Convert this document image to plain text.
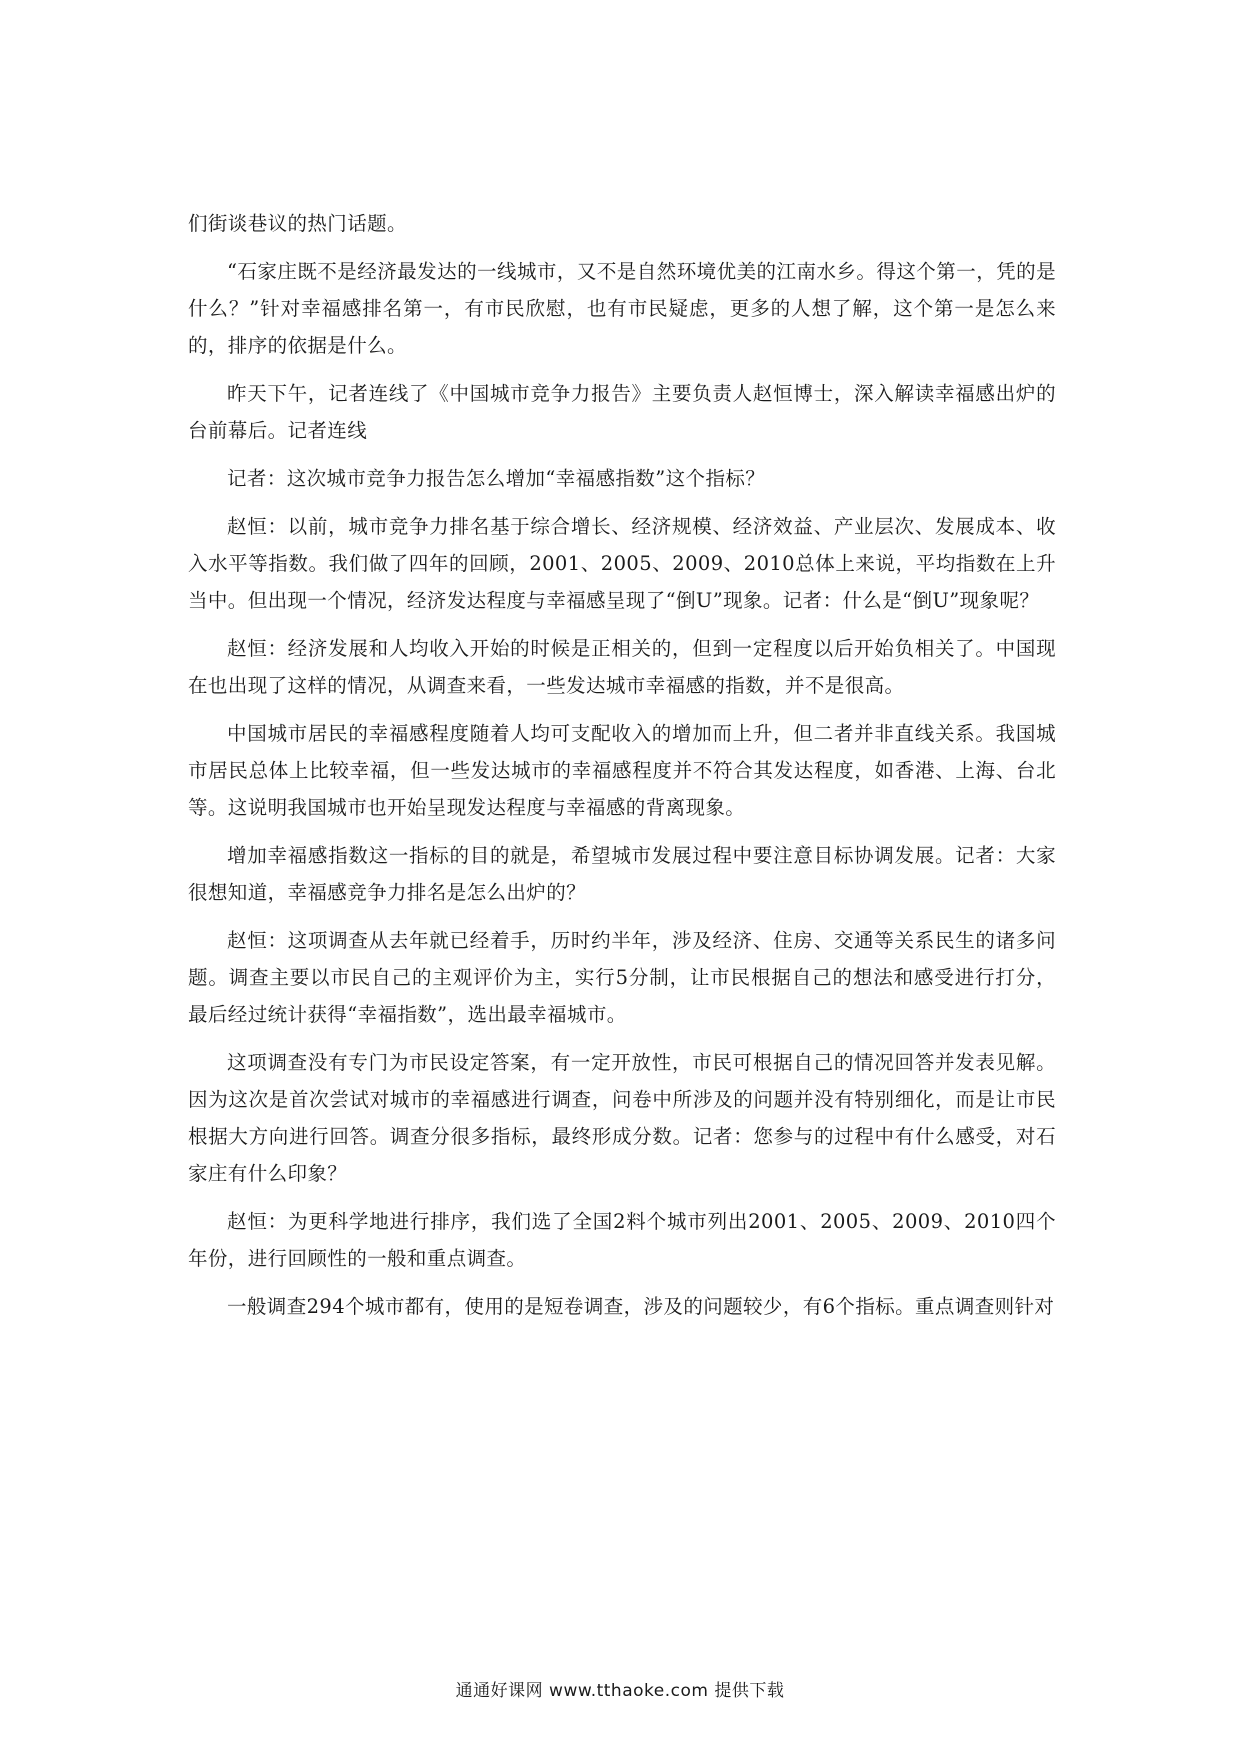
们街谈巷议的热门话题。

“石家庄既不是经济最发达的一线城市，又不是自然环境优美的江南水乡。得这个第一，凭的是什么？”针对幸福感排名第一，有市民欣慰，也有市民疑虑，更多的人想了解，这个第一是怎么来的，排序的依据是什么。

昨天下午，记者连线了《中国城市竞争力报告》主要负责人赵恒博士，深入解读幸福感出炉的台前幕后。记者连线

记者：这次城市竞争力报告怎么增加“幸福感指数”这个指标？

赵恒：以前，城市竞争力排名基于综合增长、经济规模、经济效益、产业层次、发展成本、收入水平等指数。我们做了四年的回顾，2001、2005、2009、2010总体上来说，平均指数在上升当中。但出现一个情况，经济发达程度与幸福感呈现了“倒U”现象。记者：什么是“倒U”现象呢？

赵恒：经济发展和人均收入开始的时候是正相关的，但到一定程度以后开始负相关了。中国现在也出现了这样的情况，从调查来看，一些发达城市幸福感的指数，并不是很高。

中国城市居民的幸福感程度随着人均可支配收入的增加而上升，但二者并非直线关系。我国城市居民总体上比较幸福，但一些发达城市的幸福感程度并不符合其发达程度，如香港、上海、台北等。这说明我国城市也开始呈现发达程度与幸福感的背离现象。

增加幸福感指数这一指标的目的就是，希望城市发展过程中要注意目标协调发展。记者：大家很想知道，幸福感竞争力排名是怎么出炉的？

赵恒：这项调查从去年就已经着手，历时约半年，涉及经济、住房、交通等关系民生的诸多问题。调查主要以市民自己的主观评价为主，实行5分制，让市民根据自己的想法和感受进行打分，最后经过统计获得“幸福指数”，选出最幸福城市。

这项调查没有专门为市民设定答案，有一定开放性，市民可根据自己的情况回答并发表见解。因为这次是首次尝试对城市的幸福感进行调查，问卷中所涉及的问题并没有特别细化，而是让市民根据大方向进行回答。调查分很多指标，最终形成分数。记者：您参与的过程中有什么感受，对石家庄有什么印象？

赵恒：为更科学地进行排序，我们选了全国2料个城市列出2001、2005、2009、2010四个年份，进行回顾性的一般和重点调查。

一般调查294个城市都有，使用的是短卷调查，涉及的问题较少，有6个指标。重点调查则针对

通通好课网 www.tthaoke.com 提供下载
